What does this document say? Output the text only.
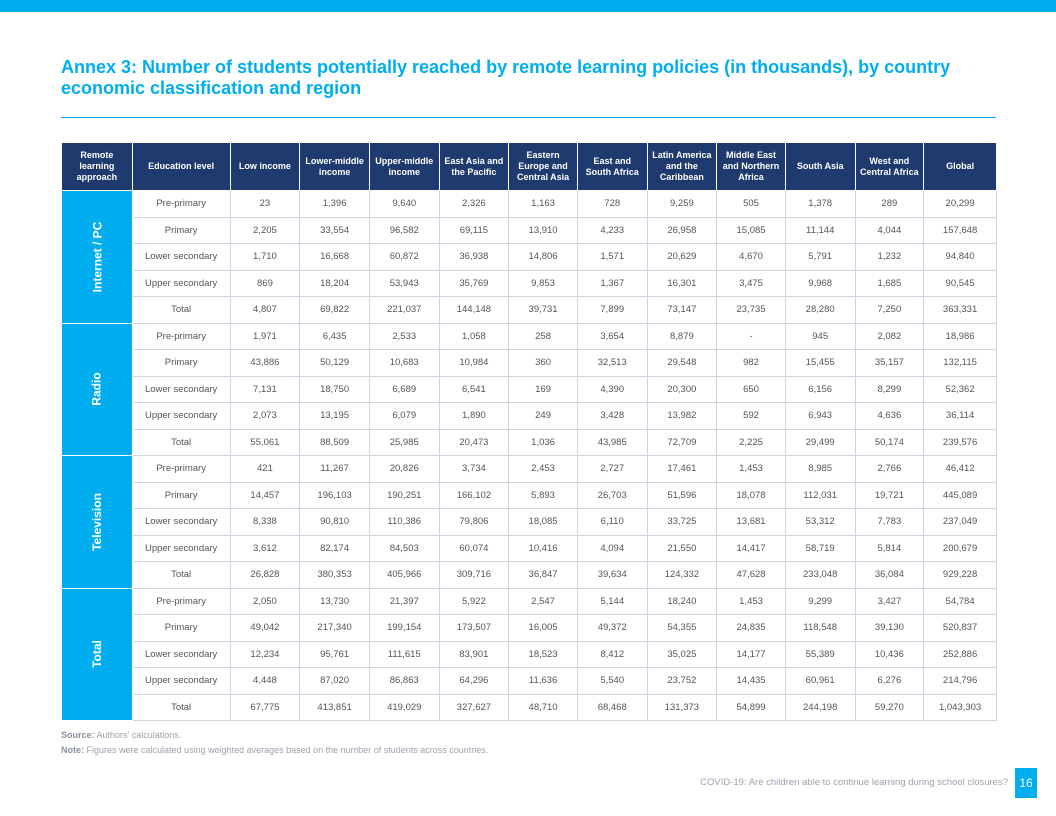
Annex 3: Number of students potentially reached by remote learning policies (in thousands), by country economic classification and region
Remote learning approach	Education level	Low income	Lower-middle income	Upper-middle income	East Asia and the Pacific	Eastern Europe and Central Asia	East and South Africa	Latin America and the Caribbean	Middle East and Northern Africa	South Asia	West and Central Africa	Global
Internet / PC	Pre-primary	23	1,396	9,640	2,326	1,163	728	9,259	505	1,378	289	20,299
	Primary	2,205	33,554	96,582	69,115	13,910	4,233	26,958	15,085	11,144	4,044	157,648
	Lower secondary	1,710	16,668	60,872	36,938	14,806	1,571	20,629	4,670	5,791	1,232	94,840
	Upper secondary	869	18,204	53,943	35,769	9,853	1,367	16,301	3,475	9,968	1,685	90,545
	Total	4,807	69,822	221,037	144,148	39,731	7,899	73,147	23,735	28,280	7,250	363,331
Radio	Pre-primary	1,971	6,435	2,533	1,058	258	3,654	8,879	-	945	2,082	18,986
	Primary	43,886	50,129	10,683	10,984	360	32,513	29,548	982	15,455	35,157	132,115
	Lower secondary	7,131	18,750	6,689	6,541	169	4,390	20,300	650	6,156	8,299	52,362
	Upper secondary	2,073	13,195	6,079	1,890	249	3,428	13,982	592	6,943	4,636	36,114
	Total	55,061	88,509	25,985	20,473	1,036	43,985	72,709	2,225	29,499	50,174	239,576
Television	Pre-primary	421	11,267	20,826	3,734	2,453	2,727	17,461	1,453	8,985	2,766	46,412
	Primary	14,457	196,103	190,251	166,102	5,893	26,703	51,596	18,078	112,031	19,721	445,089
	Lower secondary	8,338	90,810	110,386	79,806	18,085	6,110	33,725	13,681	53,312	7,783	237,049
	Upper secondary	3,612	82,174	84,503	60,074	10,416	4,094	21,550	14,417	58,719	5,814	200,679
	Total	26,828	380,353	405,966	309,716	36,847	39,634	124,332	47,628	233,048	36,084	929,228
Total	Pre-primary	2,050	13,730	21,397	5,922	2,547	5,144	18,240	1,453	9,299	3,427	54,784
	Primary	49,042	217,340	199,154	173,507	16,005	49,372	54,355	24,835	118,548	39,130	520,837
	Lower secondary	12,234	95,761	111,615	83,901	18,523	8,412	35,025	14,177	55,389	10,436	252,886
	Upper secondary	4,448	87,020	86,863	64,296	11,636	5,540	23,752	14,435	60,961	6,276	214,796
	Total	67,775	413,851	419,029	327,627	48,710	68,468	131,373	54,899	244,198	59,270	1,043,303
Source: Authors' calculations.
Note: Figures were calculated using weighted averages based on the number of students across countries.
COVID-19: Are children able to continue learning during school closures? 16
